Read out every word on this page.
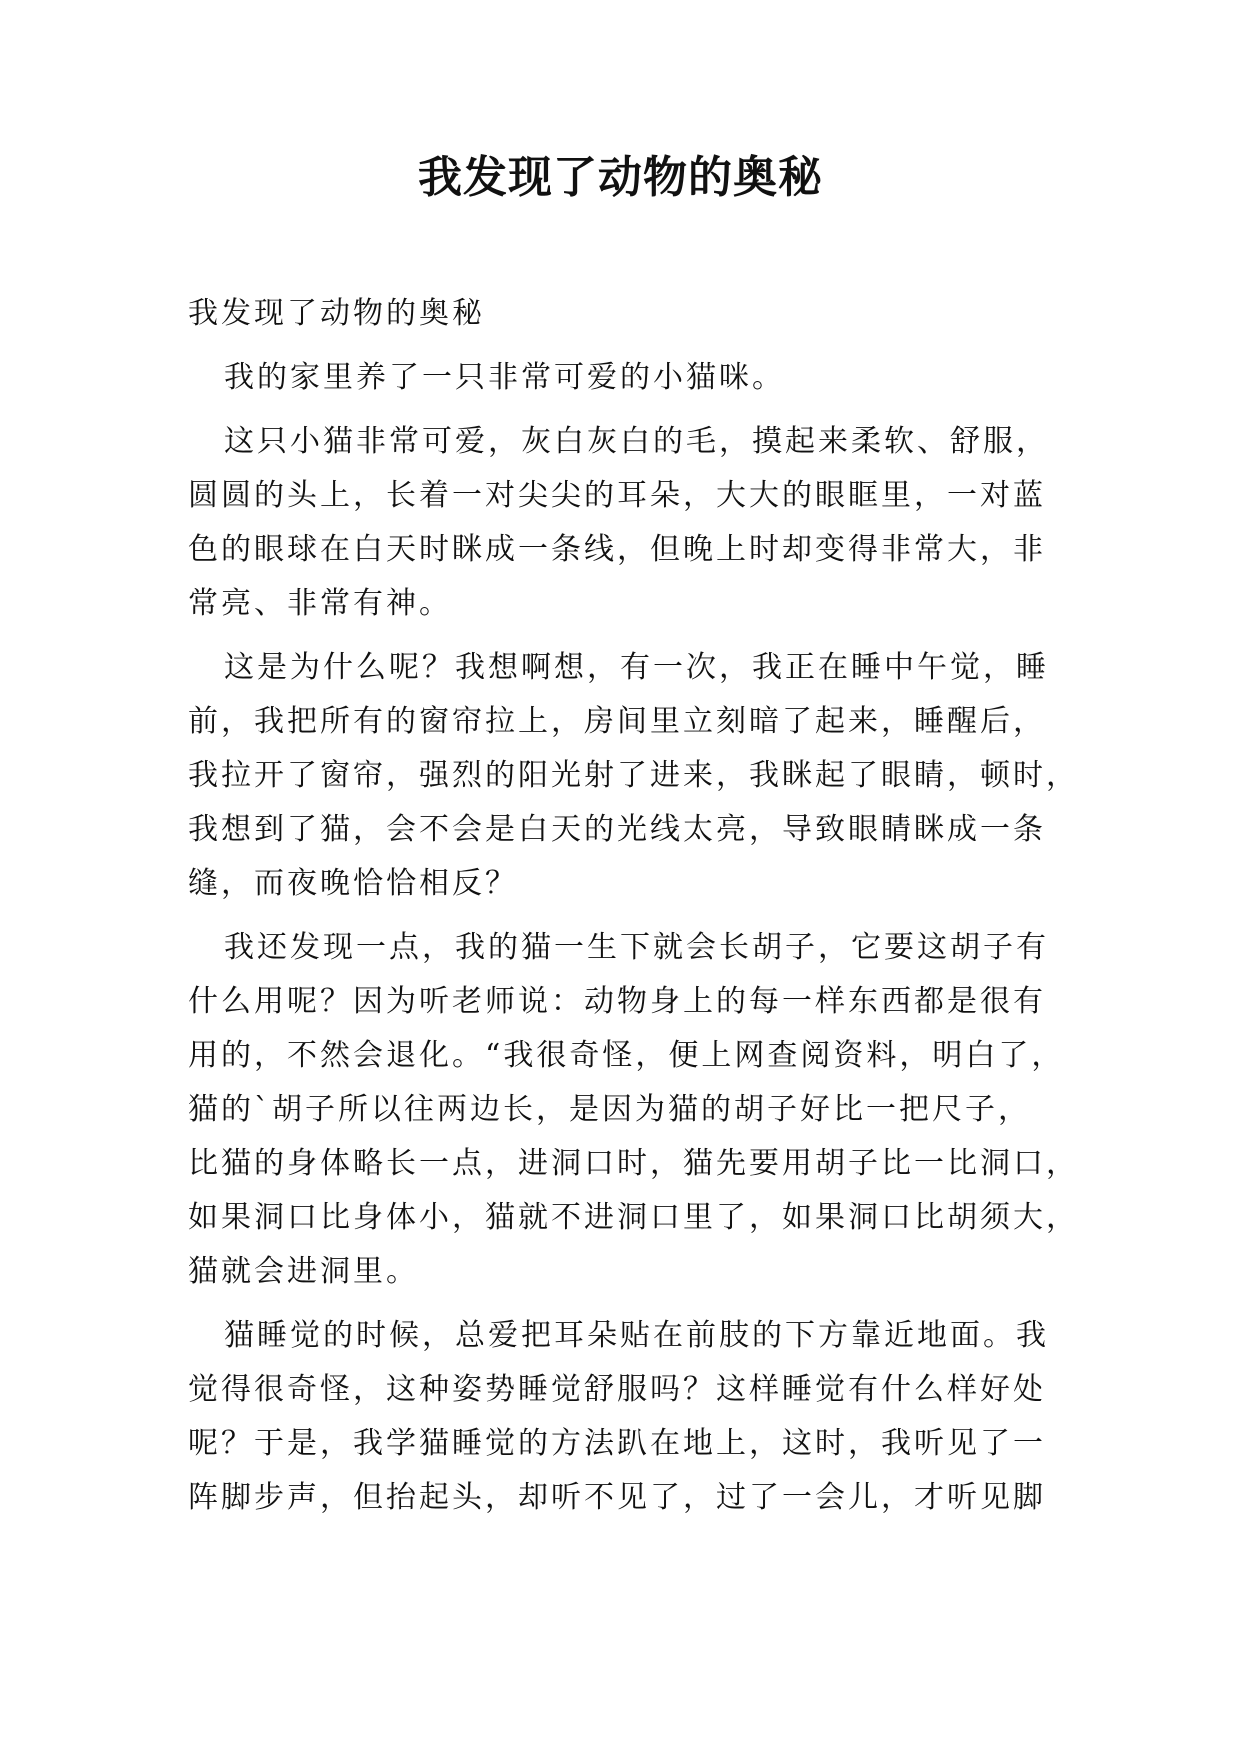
我发现了动物的奥秘
我发现了动物的奥秘
我的家里养了一只非常可爱的小猫咪。
这只小猫非常可爱，灰白灰白的毛，摸起来柔软、舒服，
圆圆的头上，长着一对尖尖的耳朵，大大的眼眶里，一对蓝
色的眼球在白天时眯成一条线，但晚上时却变得非常大，非
常亮、非常有神。
这是为什么呢？我想啊想，有一次，我正在睡中午觉，睡
前，我把所有的窗帘拉上，房间里立刻暗了起来，睡醒后，
我拉开了窗帘，强烈的阳光射了进来，我眯起了眼睛，顿时，
我想到了猫，会不会是白天的光线太亮，导致眼睛眯成一条
缝，而夜晚恰恰相反？
我还发现一点，我的猫一生下就会长胡子，它要这胡子有
什么用呢？因为听老师说：动物身上的每一样东西都是很有
用的，不然会退化。“我很奇怪，便上网查阅资料，明白了，
猫的`胡子所以往两边长，是因为猫的胡子好比一把尺子，
比猫的身体略长一点，进洞口时，猫先要用胡子比一比洞口，
如果洞口比身体小，猫就不进洞口里了，如果洞口比胡须大，
猫就会进洞里。
猫睡觉的时候，总爱把耳朵贴在前肢的下方靠近地面。我
觉得很奇怪，这种姿势睡觉舒服吗？这样睡觉有什么样好处
呢？于是，我学猫睡觉的方法趴在地上，这时，我听见了一
阵脚步声，但抬起头，却听不见了，过了一会儿，才听见脚
